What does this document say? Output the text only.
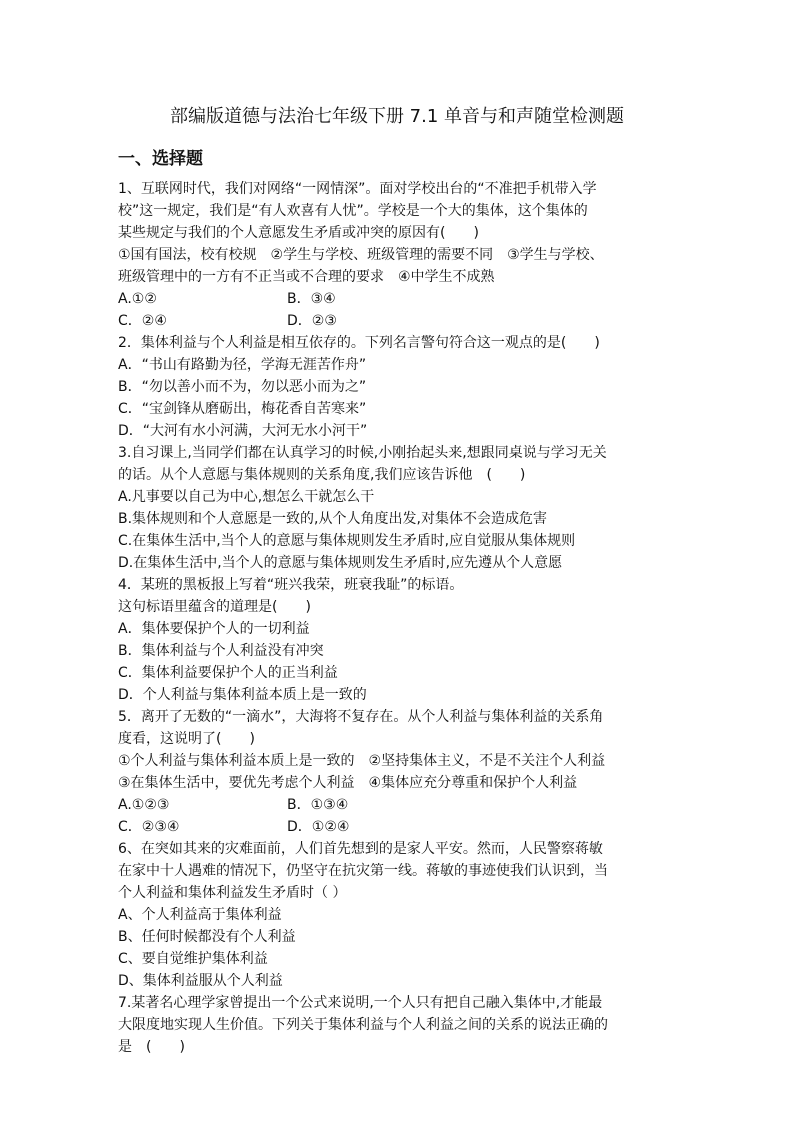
部编版道德与法治七年级下册 7.1 单音与和声随堂检测题
一、选择题
1、互联网时代，我们对网络“一网情深”。面对学校出台的“不准把手机带入学
校”这一规定，我们是“有人欢喜有人忧”。学校是一个大的集体，这个集体的
某些规定与我们的个人意愿发生矛盾或冲突的原因有(　　)
①国有国法，校有校规　②学生与学校、班级管理的需要不同　③学生与学校、
班级管理中的一方有不正当或不合理的要求　④中学生不成熟
A.①②	B．③④
C．②④	D．②③
2．集体利益与个人利益是相互依存的。下列名言警句符合这一观点的是(　　)
A．“书山有路勤为径，学海无涯苦作舟”
B．“勿以善小而不为，勿以恶小而为之”
C．“宝剑锋从磨砺出，梅花香自苦寒来”
D．“大河有水小河满，大河无水小河干”
3.自习课上,当同学们都在认真学习的时候,小刚抬起头来,想跟同桌说与学习无关
的话。从个人意愿与集体规则的关系角度,我们应该告诉他　(　　)
A.凡事要以自己为中心,想怎么干就怎么干
B.集体规则和个人意愿是一致的,从个人角度出发,对集体不会造成危害
C.在集体生活中,当个人的意愿与集体规则发生矛盾时,应自觉服从集体规则
D.在集体生活中,当个人的意愿与集体规则发生矛盾时,应先遵从个人意愿
4．某班的黑板报上写着“班兴我荣，班衰我耻”的标语。
这句标语里蕴含的道理是(　　)
A．集体要保护个人的一切利益
B．集体利益与个人利益没有冲突
C．集体利益要保护个人的正当利益
D．个人利益与集体利益本质上是一致的
5．离开了无数的“一滴水”，大海将不复存在。从个人利益与集体利益的关系角
度看，这说明了(　　)
①个人利益与集体利益本质上是一致的　②坚持集体主义，不是不关注个人利益
③在集体生活中，要优先考虑个人利益　④集体应充分尊重和保护个人利益
A.①②③	B．①③④
C．②③④	D．①②④
6、在突如其来的灾难面前，人们首先想到的是家人平安。然而，人民警察蒋敏
在家中十人遇难的情况下，仍坚守在抗灾第一线。蒋敏的事迹使我们认识到，当
个人利益和集体利益发生矛盾时（ ）
A、个人利益高于集体利益
B、任何时候都没有个人利益
C、要自觉维护集体利益
D、集体利益服从个人利益
7.某著名心理学家曾提出一个公式来说明,一个人只有把自己融入集体中,才能最
大限度地实现人生价值。下列关于集体利益与个人利益之间的关系的说法正确的
是　(　　)
